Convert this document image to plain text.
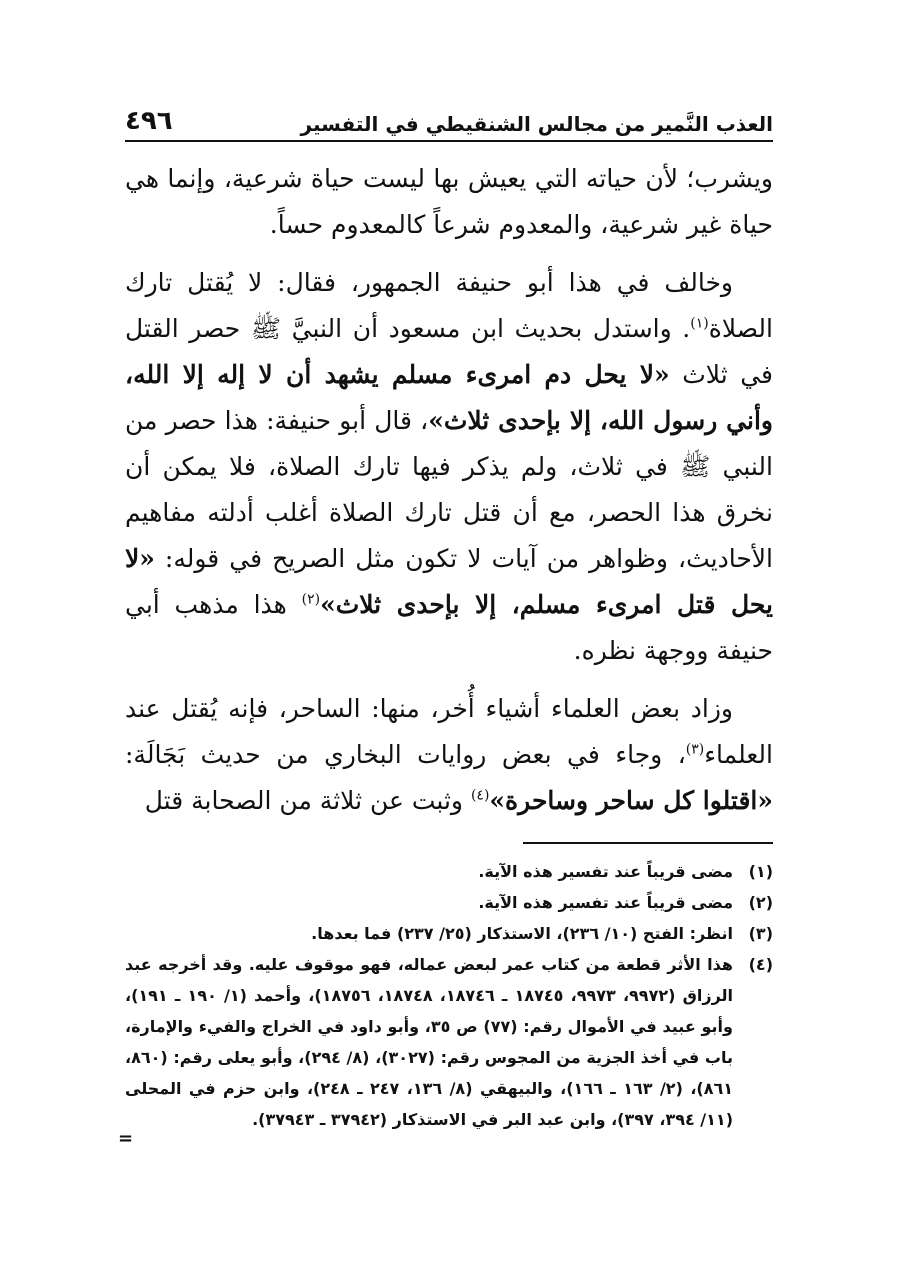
العذب النَّمير من مجالس الشنقيطي في التفسير
٤٩٦

ويشرب؛ لأن حياته التي يعيش بها ليست حياة شرعية، وإنما هي حياة غير شرعية، والمعدوم شرعاً كالمعدوم حساً.

وخالف في هذا أبو حنيفة الجمهور، فقال: لا يُقتل تارك الصلاة$^{(١)}$. واستدل بحديث ابن مسعود أن النبيَّ ﷺ حصر القتل في ثلاث «لا يحل دم امرىء مسلم يشهد أن لا إله إلا الله، وأني رسول الله، إلا بإحدى ثلاث»، قال أبو حنيفة: هذا حصر من النبي ﷺ في ثلاث، ولم يذكر فيها تارك الصلاة، فلا يمكن أن نخرق هذا الحصر، مع أن قتل تارك الصلاة أغلب أدلته مفاهيم الأحاديث، وظواهر من آيات لا تكون مثل الصريح في قوله: «لا يحل قتل امرىء مسلم، إلا بإحدى ثلاث»$^{(٢)}$ هذا مذهب أبي حنيفة ووجهة نظره.

وزاد بعض العلماء أشياء أُخر، منها: الساحر، فإنه يُقتل عند العلماء$^{(٣)}$، وجاء في بعض روايات البخاري من حديث بَجَالَة: «اقتلوا كل ساحر وساحرة»$^{(٤)}$ وثبت عن ثلاثة من الصحابة قتل

(١)
مضى قريباً عند تفسير هذه الآية.
(٢)
مضى قريباً عند تفسير هذه الآية.
(٣)
انظر: الفتح (١٠/ ٢٣٦)، الاستذكار (٢٥/ ٢٣٧) فما بعدها.
(٤)
هذا الأثر قطعة من كتاب عمر لبعض عماله، فهو موقوف عليه. وقد أخرجه عبد الرزاق (٩٩٧٢، ٩٩٧٣، ١٨٧٤٥ ـ ١٨٧٤٦، ١٨٧٤٨، ١٨٧٥٦)، وأحمد (١/ ١٩٠ ـ ١٩١)، وأبو عبيد في الأموال رقم: (٧٧) ص ٣٥، وأبو داود في الخراج والفيء والإمارة، باب في أخذ الجزية من المجوس رقم: (٣٠٢٧)، (٨/ ٢٩٤)، وأبو يعلى رقم: (٨٦٠، ٨٦١)، (٢/ ١٦٣ ـ ١٦٦)، والبيهقي (٨/ ١٣٦، ٢٤٧ ـ ٢٤٨)، وابن حزم في المحلى (١١/ ٣٩٤، ٣٩٧)، وابن عبد البر في الاستذكار (٣٧٩٤٢ ـ ٣٧٩٤٣).
=
